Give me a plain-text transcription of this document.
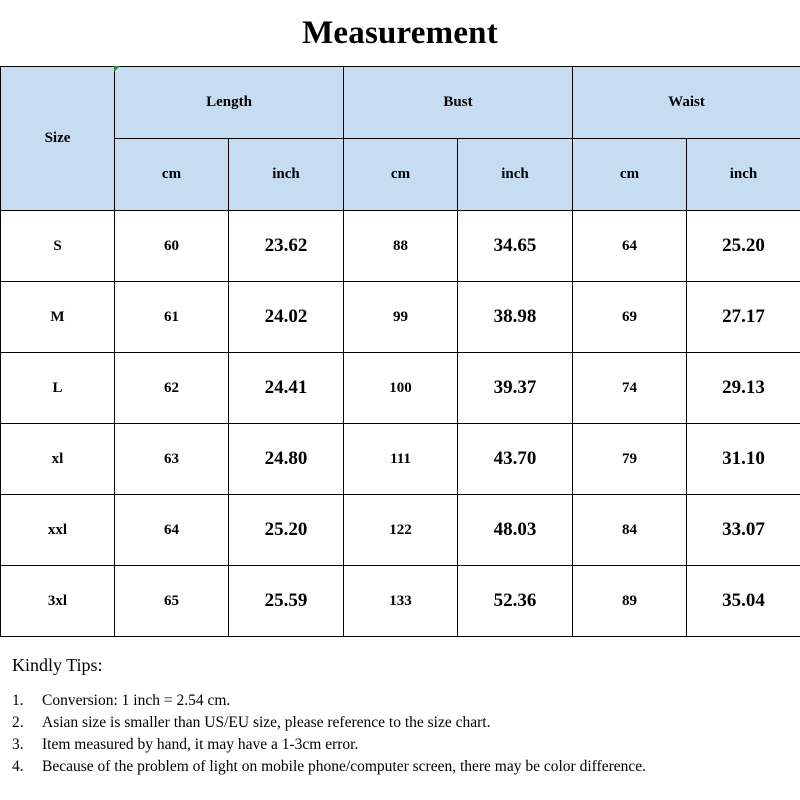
Measurement
Size	Length		Bust		Waist	
	cm	inch	cm	inch	cm	inch
S	60	23.62	88	34.65	64	25.20
M	61	24.02	99	38.98	69	27.17
L	62	24.41	100	39.37	74	29.13
xl	63	24.80	111	43.70	79	31.10
xxl	64	25.20	122	48.03	84	33.07
3xl	65	25.59	133	52.36	89	35.04
Kindly Tips:
1.	Conversion: 1 inch = 2.54 cm.
2.	Asian size is smaller than US/EU size, please reference to the size chart.
3.	Item measured by hand, it may have a 1-3cm error.
4.	Because of the problem of light on mobile phone/computer screen, there may be color difference.
